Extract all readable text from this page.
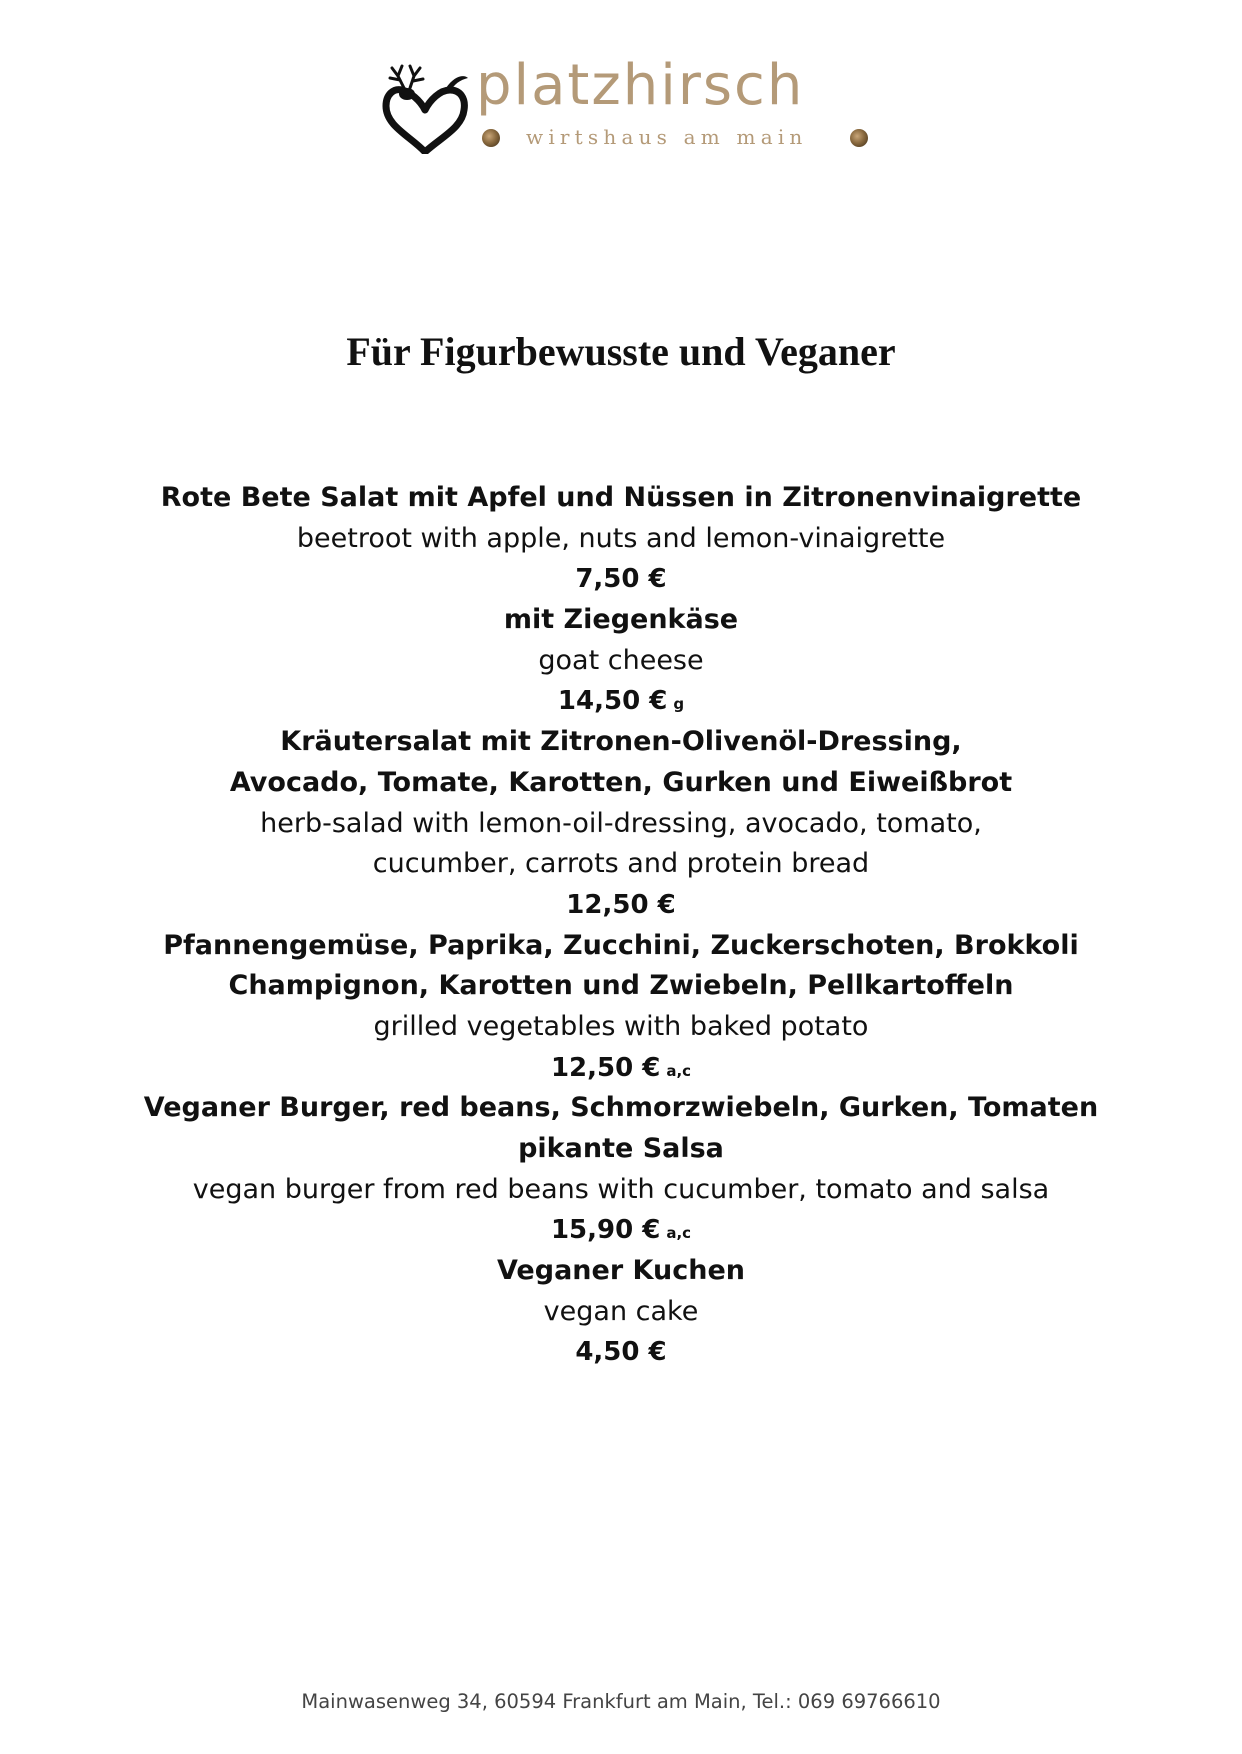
platzhirsch
wirtshaus am main
Für Figurbewusste und Veganer
Rote Bete Salat mit Apfel und Nüssen in Zitronenvinaigrette
beetroot with apple, nuts and lemon-vinaigrette
7,50 €
mit Ziegenkäse
goat cheese
14,50 € g
Kräutersalat mit Zitronen-Olivenöl-Dressing,
Avocado, Tomate, Karotten, Gurken und Eiweißbrot
herb-salad with lemon-oil-dressing, avocado, tomato,
cucumber, carrots and protein bread
12,50 €
Pfannengemüse, Paprika, Zucchini, Zuckerschoten, Brokkoli
Champignon, Karotten und Zwiebeln, Pellkartoffeln
grilled vegetables with baked potato
12,50 € a,c
Veganer Burger, red beans, Schmorzwiebeln, Gurken, Tomaten
pikante Salsa
vegan burger from red beans with cucumber, tomato and salsa
15,90 € a,c
Veganer Kuchen
vegan cake
4,50 €
Mainwasenweg 34, 60594 Frankfurt am Main, Tel.: 069 69766610
